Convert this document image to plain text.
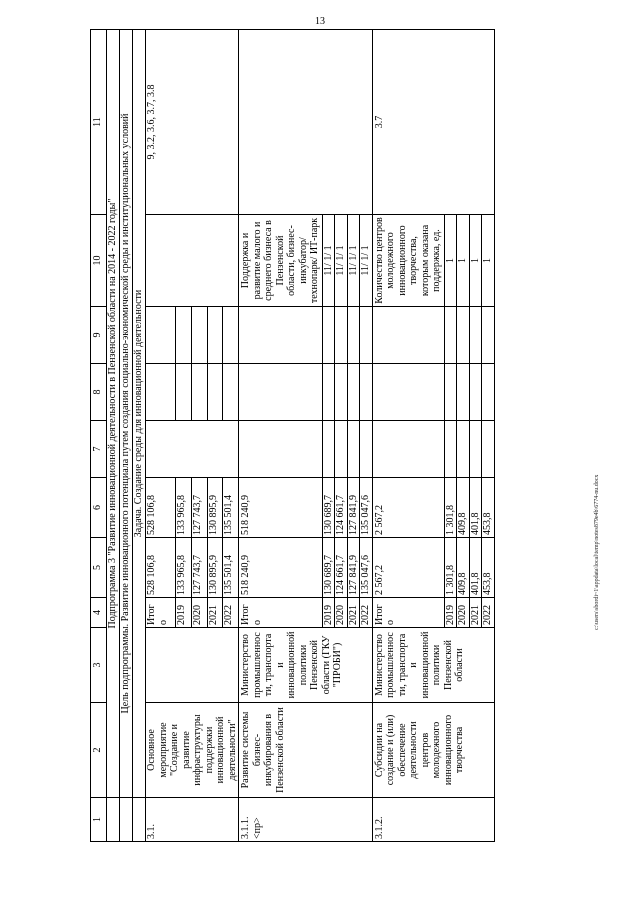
13
1	2	3	4	5	6	7	8	9	10	11
	Подпрограмма 3 "Развитие инновационной деятельности в Пензенской области на 2014 - 2022 годы"									
	Цель подпрограммы. Развитие инновационного потенциала путем создания социально-экономической среды и институциональных условий									
	Задача. Создание среды для инновационной деятельности									
3.1.	Основное мероприятие "Создание и развитие инфраструктуры поддержки инновационной деятельности"		Итого	528 106,8	528 106,8					9, 3.2, 3.6, 3.7, 3.8
			2019	133 965,8	133 965,8					
			2020	127 743,7	127 743,7					
			2021	130 895,9	130 895,9					
			2022	135 501,4	135 501,4					
3.1.1. <пр>	Развитие системы бизнес-инкубирования в Пензенской области	Министерство промышленности, транспорта и инновационной политики Пензенской области (ГКУ "ПРОБИ")	Итого	518 240,9	518 240,9				Поддержка и развитие малого и среднего бизнеса в Пензенской области, бизнес-инкубатор/ технопарк/ ИТ-парк	
			2019	130 689,7	130 689,7				11/ 1/ 1	
			2020	124 661,7	124 661,7				11/ 1/ 1	
			2021	127 841,9	127 841,9				11/ 1/ 1	
			2022	135 047,6	135 047,6				11/ 1/ 1	
3.1.2.	Субсидии на создание и (или) обеспечение деятельности центров молодежного инновационного творчества	Министерство промышленности, транспорта и инновационной политики Пензенской области	Итого	2 567,2	2 567,2				Количество центров молодежного инновационного творчества, которым оказана поддержка, ед.	3.7
			2019	1 301,8	1 301,8				1	
			2020	409,8	409,8				1	
			2021	401,8	401,8				1	
			2022	453,8	453,8				1	
c:\users\sbordi~1\appdata\local\temp\notes879e4b\6774-nu.docx
